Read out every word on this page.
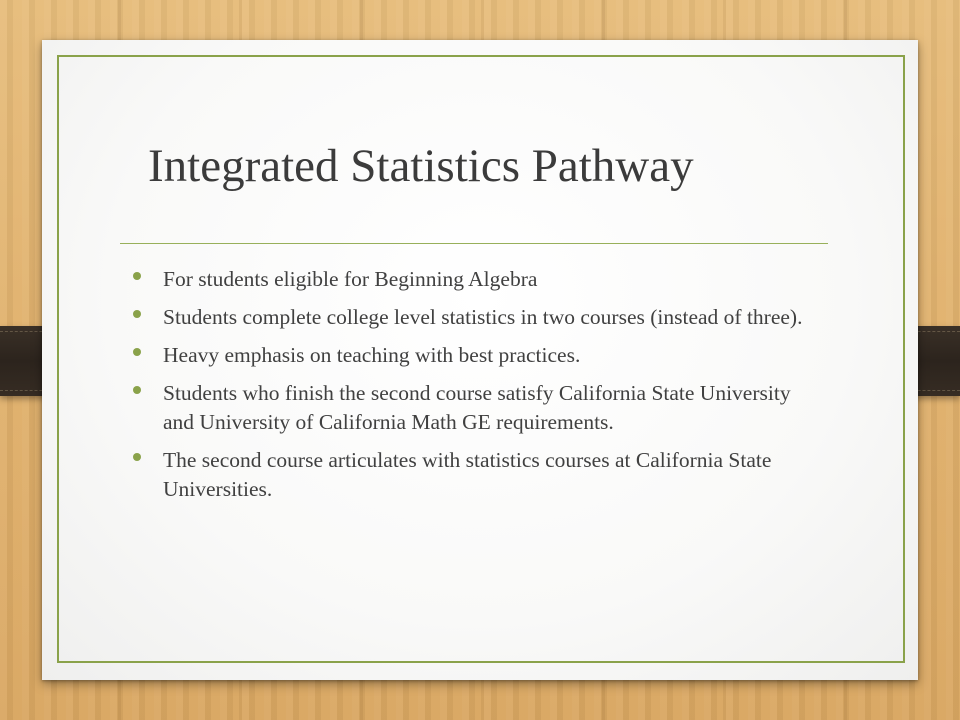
Integrated Statistics Pathway
For students eligible for Beginning Algebra
Students complete college level statistics in two courses (instead of three).
Heavy emphasis on teaching with best practices.
Students who finish the second course satisfy California State University and University of California Math GE requirements.
The second course articulates with statistics courses at California State Universities.
